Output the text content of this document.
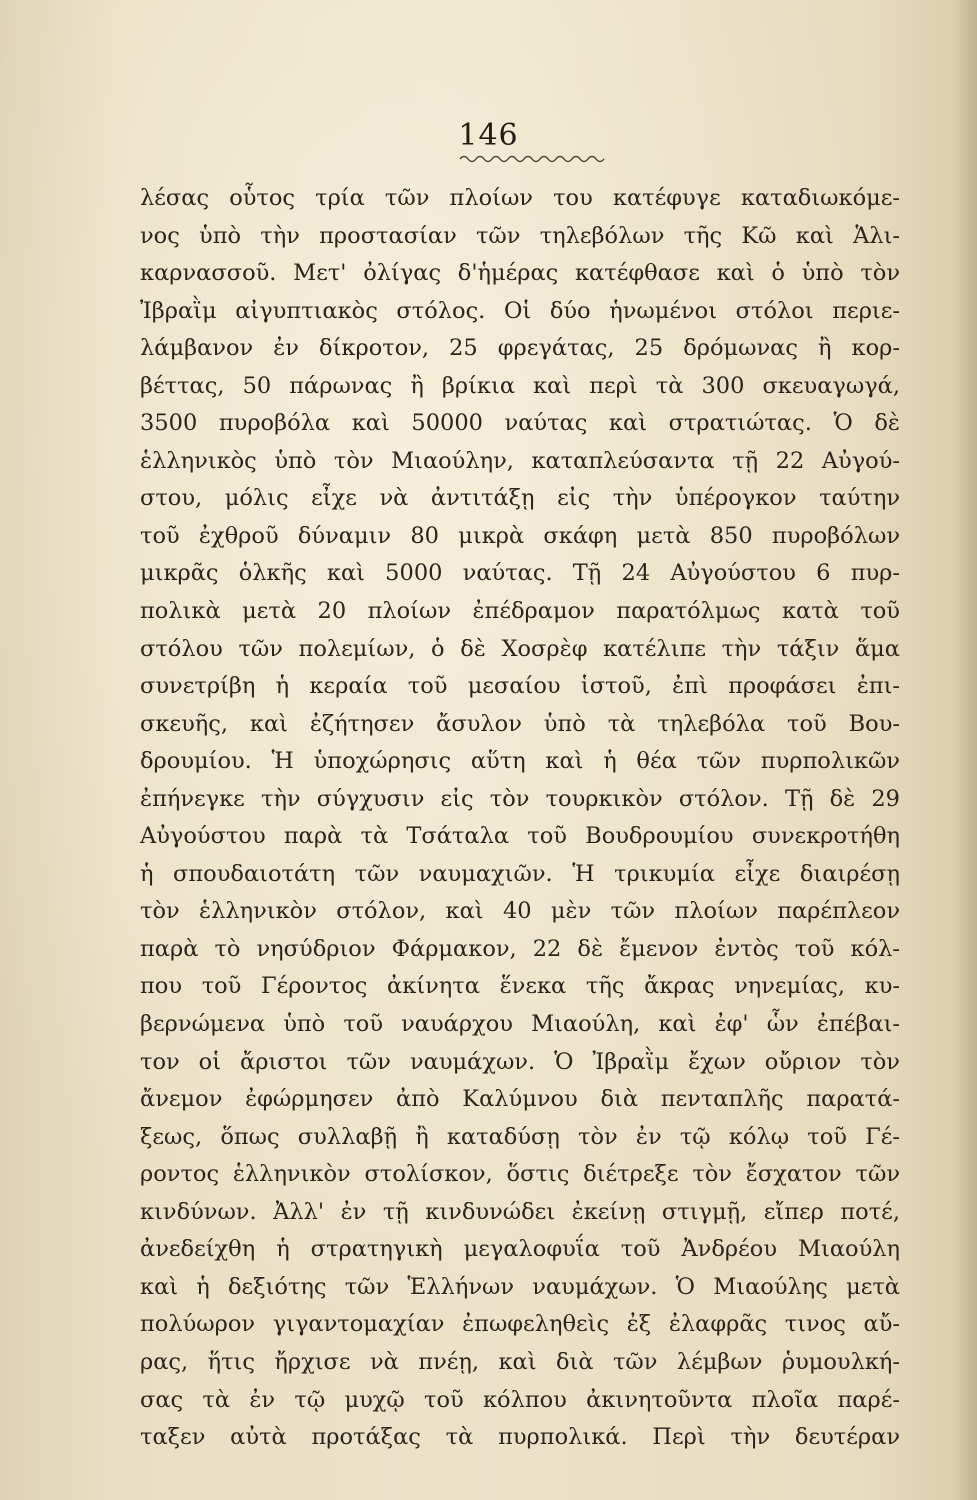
146
λέσας οὗτος τρία τῶν πλοίων του κατέφυγε καταδιωκόμε-
νος ὑπὸ τὴν προστασίαν τῶν τηλεβόλων τῆς Κῶ καὶ Ἁλι-
καρνασσοῦ. Μετ' ὀλίγας δ'ἡμέρας κατέφθασε καὶ ὁ ὑπὸ τὸν
Ἰβραῒμ αἰγυπτιακὸς στόλος. Οἱ δύο ἡνωμένοι στόλοι περιε-
λάμβανον ἐν δίκροτον, 25 φρεγάτας, 25 δρόμωνας ἢ κορ-
βέττας, 50 πάρωνας ἢ βρίκια καὶ περὶ τὰ 300 σκευαγωγά,
3500 πυροβόλα καὶ 50000 ναύτας καὶ στρατιώτας. Ὁ δὲ
ἑλληνικὸς ὑπὸ τὸν Μιαούλην, καταπλεύσαντα τῇ 22 Αὐγού-
στου, μόλις εἶχε νὰ ἀντιτάξῃ εἰς τὴν ὑπέρογκον ταύτην
τοῦ ἐχθροῦ δύναμιν 80 μικρὰ σκάφη μετὰ 850 πυροβόλων
μικρᾶς ὁλκῆς καὶ 5000 ναύτας. Τῇ 24 Αὐγούστου 6 πυρ-
πολικὰ μετὰ 20 πλοίων ἐπέδραμον παρατόλμως κατὰ τοῦ
στόλου τῶν πολεμίων, ὁ δὲ Χοσρὲφ κατέλιπε τὴν τάξιν ἅμα
συνετρίβη ἡ κεραία τοῦ μεσαίου ἱστοῦ, ἐπὶ προφάσει ἐπι-
σκευῆς, καὶ ἐζήτησεν ἄσυλον ὑπὸ τὰ τηλεβόλα τοῦ Βου-
δρουμίου. Ἡ ὑποχώρησις αὕτη καὶ ἡ θέα τῶν πυρπολικῶν
ἐπήνεγκε τὴν σύγχυσιν εἰς τὸν τουρκικὸν στόλον. Τῇ δὲ 29
Αὐγούστου παρὰ τὰ Τσάταλα τοῦ Βουδρουμίου συνεκροτήθη
ἡ σπουδαιοτάτη τῶν ναυμαχιῶν. Ἡ τρικυμία εἶχε διαιρέσῃ
τὸν ἑλληνικὸν στόλον, καὶ 40 μὲν τῶν πλοίων παρέπλεον
παρὰ τὸ νησύδριον Φάρμακον, 22 δὲ ἔμενον ἐντὸς τοῦ κόλ-
που τοῦ Γέροντος ἀκίνητα ἕνεκα τῆς ἄκρας νηνεμίας, κυ-
βερνώμενα ὑπὸ τοῦ ναυάρχου Μιαούλη, καὶ ἐφ' ὧν ἐπέβαι-
τον οἱ ἄριστοι τῶν ναυμάχων. Ὁ Ἰβραῒμ ἔχων οὔριον τὸν
ἄνεμον ἐφώρμησεν ἀπὸ Καλύμνου διὰ πενταπλῆς παρατά-
ξεως, ὅπως συλλαβῇ ἢ καταδύσῃ τὸν ἐν τῷ κόλῳ τοῦ Γέ-
ροντος ἑλληνικὸν στολίσκον, ὅστις διέτρεξε τὸν ἔσχατον τῶν
κινδύνων. Ἀλλ' ἐν τῇ κινδυνώδει ἐκείνῃ στιγμῇ, εἴπερ ποτέ,
ἀνεδείχθη ἡ στρατηγικὴ μεγαλοφυΐα τοῦ Ἀνδρέου Μιαούλη
καὶ ἡ δεξιότης τῶν Ἑλλήνων ναυμάχων. Ὁ Μιαούλης μετὰ
πολύωρον γιγαντομαχίαν ἐπωφεληθεὶς ἐξ ἐλαφρᾶς τινος αὔ-
ρας, ἥτις ἤρχισε νὰ πνέῃ, καὶ διὰ τῶν λέμβων ῥυμουλκή-
σας τὰ ἐν τῷ μυχῷ τοῦ κόλπου ἀκινητοῦντα πλοῖα παρέ-
ταξεν αὐτὰ προτάξας τὰ πυρπολικά. Περὶ τὴν δευτέραν
